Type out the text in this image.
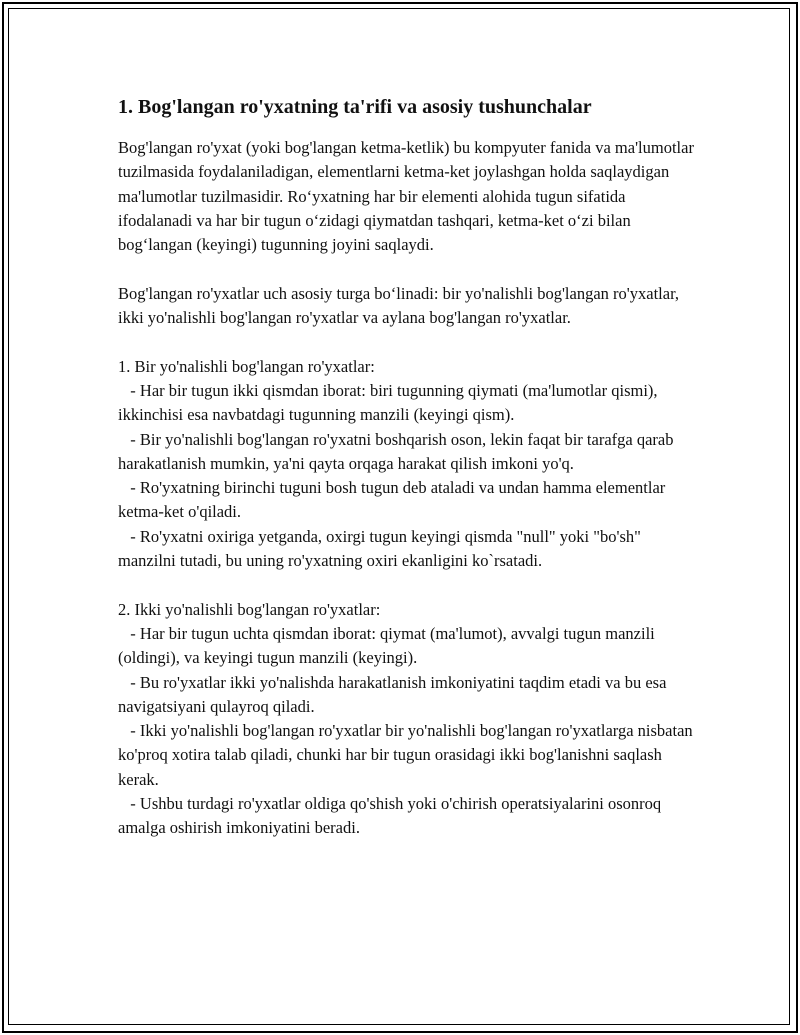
1. Bog'langan ro'yxatning ta'rifi va asosiy tushunchalar

Bog'langan ro'yxat (yoki bog'langan ketma-ketlik) bu kompyuter fanida va ma'lumotlar tuzilmasida foydalaniladigan, elementlarni ketma-ket joylashgan holda saqlaydigan ma'lumotlar tuzilmasidir. Ro‘yxatning har bir elementi alohida tugun sifatida ifodalanadi va har bir tugun o‘zidagi qiymatdan tashqari, ketma-ket o‘zi bilan bog‘langan (keyingi) tugunning joyini saqlaydi.

Bog'langan ro'yxatlar uch asosiy turga bo‘linadi: bir yo'nalishli bog'langan ro'yxatlar, ikki yo'nalishli bog'langan ro'yxatlar va aylana bog'langan ro'yxatlar.

1. Bir yo'nalishli bog'langan ro'yxatlar:
- Har bir tugun ikki qismdan iborat: biri tugunning qiymati (ma'lumotlar qismi), ikkinchisi esa navbatdagi tugunning manzili (keyingi qism).
- Bir yo'nalishli bog'langan ro'yxatni boshqarish oson, lekin faqat bir tarafga qarab harakatlanish mumkin, ya'ni qayta orqaga harakat qilish imkoni yo'q.
- Ro'yxatning birinchi tuguni bosh tugun deb ataladi va undan hamma elementlar ketma-ket o'qiladi.
- Ro'yxatni oxiriga yetganda, oxirgi tugun keyingi qismda "null" yoki "bo'sh" manzilni tutadi, bu uning ro'yxatning oxiri ekanligini ko`rsatadi.

2. Ikki yo'nalishli bog'langan ro'yxatlar:
- Har bir tugun uchta qismdan iborat: qiymat (ma'lumot), avvalgi tugun manzili (oldingi), va keyingi tugun manzili (keyingi).
- Bu ro'yxatlar ikki yo'nalishda harakatlanish imkoniyatini taqdim etadi va bu esa navigatsiyani qulayroq qiladi.
- Ikki yo'nalishli bog'langan ro'yxatlar bir yo'nalishli bog'langan ro'yxatlarga nisbatan ko'proq xotira talab qiladi, chunki har bir tugun orasidagi ikki bog'lanishni saqlash kerak.
- Ushbu turdagi ro'yxatlar oldiga qo'shish yoki o'chirish operatsiyalarini osonroq amalga oshirish imkoniyatini beradi.
